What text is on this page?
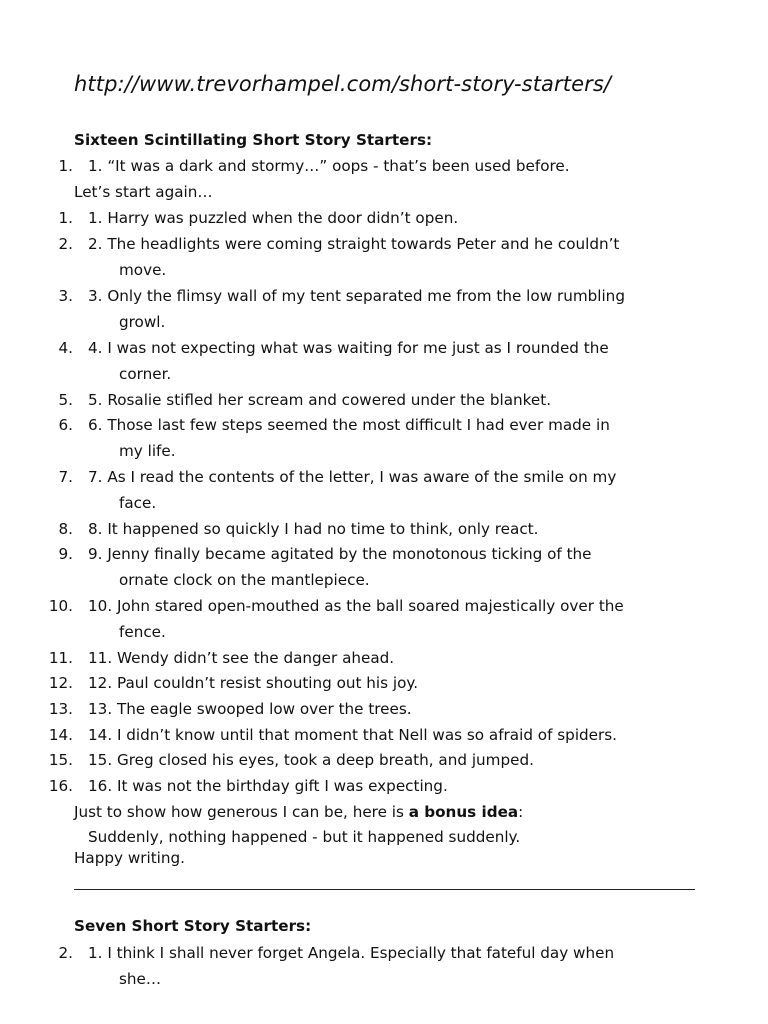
http://www.trevorhampel.com/short-story-starters/
Sixteen Scintillating Short Story Starters:
1. 1. “It was a dark and stormy…” oops - that’s been used before.
Let’s start again…
1. 1. Harry was puzzled when the door didn’t open.
2. 2. The headlights were coming straight towards Peter and he couldn’t
move.
3. 3. Only the flimsy wall of my tent separated me from the low rumbling
growl.
4. 4. I was not expecting what was waiting for me just as I rounded the
corner.
5. 5. Rosalie stifled her scream and cowered under the blanket.
6. 6. Those last few steps seemed the most difficult I had ever made in
my life.
7. 7. As I read the contents of the letter, I was aware of the smile on my
face.
8. 8. It happened so quickly I had no time to think, only react.
9. 9. Jenny finally became agitated by the monotonous ticking of the
ornate clock on the mantlepiece.
10. 10. John stared open-mouthed as the ball soared majestically over the
fence.
11. 11. Wendy didn’t see the danger ahead.
12. 12. Paul couldn’t resist shouting out his joy.
13. 13. The eagle swooped low over the trees.
14. 14. I didn’t know until that moment that Nell was so afraid of spiders.
15. 15. Greg closed his eyes, took a deep breath, and jumped.
16. 16. It was not the birthday gift I was expecting.
Just to show how generous I can be, here is a bonus idea:
Suddenly, nothing happened - but it happened suddenly.
Happy writing.
Seven Short Story Starters:
2. 1. I think I shall never forget Angela. Especially that fateful day when
she…
